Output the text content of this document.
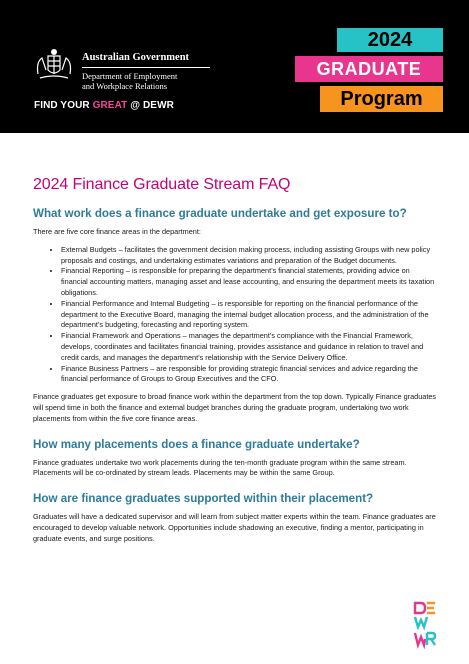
Australian Government
Department of Employment
and Workplace Relations
FIND YOUR GREAT @ DEWR
2024
GRADUATE
Program
2024 Finance Graduate Stream FAQ
What work does a finance graduate undertake and get exposure to?

There are five core finance areas in the department:

• External Budgets – facilitates the government decision making process, including assisting Groups with new policy proposals and costings, and undertaking estimates variations and preparation of the Budget documents.
• Financial Reporting – is responsible for preparing the department’s financial statements, providing advice on financial accounting matters, managing asset and lease accounting, and ensuring the department meets its taxation obligations.
• Financial Performance and Internal Budgeting – is responsible for reporting on the financial performance of the department to the Executive Board, managing the internal budget allocation process, and the administration of the department’s budgeting, forecasting and reporting system.
• Financial Framework and Operations – manages the department’s compliance with the Financial Framework, develops, coordinates and facilitates financial training, provides assistance and guidance in relation to travel and credit cards, and manages the department’s relationship with the Service Delivery Office.
• Finance Business Partners – are responsible for providing strategic financial services and advice regarding the financial performance of Groups to Group Executives and the CFO.

Finance graduates get exposure to broad finance work within the department from the top down. Typically Finance graduates will spend time in both the finance and external budget branches during the graduate program, undertaking two work placements from within the five core finance areas.

How many placements does a finance graduate undertake?

Finance graduates undertake two work placements during the ten-month graduate program within the same stream. Placements will be co-ordinated by stream leads. Placements may be within the same Group.

How are finance graduates supported within their placement?

Graduates will have a dedicated supervisor and will learn from subject matter experts within the team. Finance graduates are encouraged to develop valuable network. Opportunities include shadowing an executive, finding a mentor, participating in graduate events, and surge positions.
